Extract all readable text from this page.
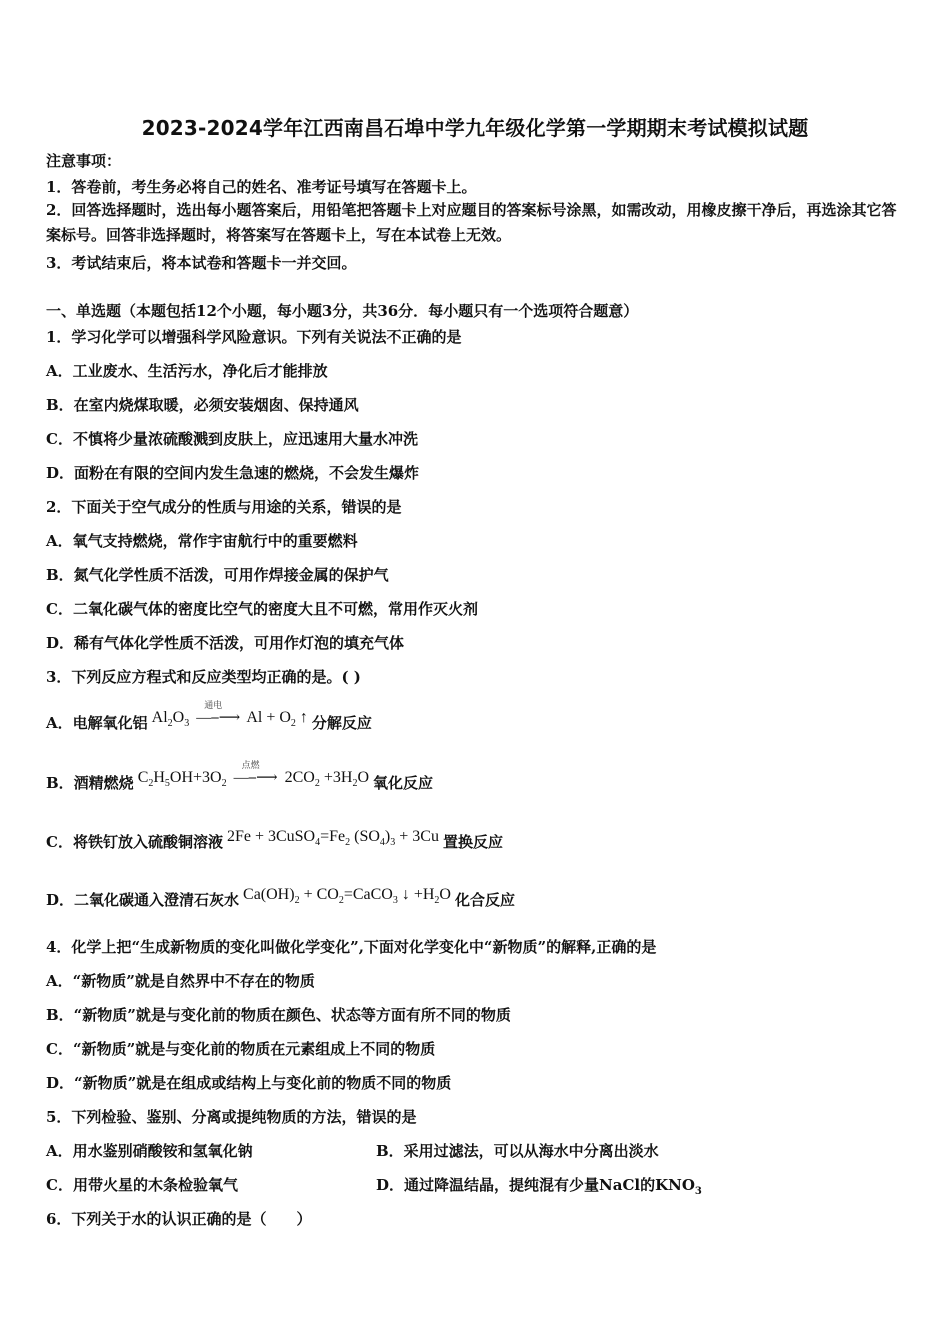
2023-2024学年江西南昌石埠中学九年级化学第一学期期末考试模拟试题
注意事项：
1．答卷前，考生务必将自己的姓名、准考证号填写在答题卡上。
2．回答选择题时，选出每小题答案后，用铅笔把答题卡上对应题目的答案标号涂黑，如需改动，用橡皮擦干净后，再选涂其它答案标号。回答非选择题时，将答案写在答题卡上，写在本试卷上无效。
3．考试结束后，将本试卷和答题卡一并交回。
一、单选题（本题包括12个小题，每小题3分，共36分．每小题只有一个选项符合题意）
1．学习化学可以增强科学风险意识。下列有关说法不正确的是
A．工业废水、生活污水，净化后才能排放
B．在室内烧煤取暖，必须安装烟囱、保持通风
C．不慎将少量浓硫酸溅到皮肤上，应迅速用大量水冲洗
D．面粉在有限的空间内发生急速的燃烧，不会发生爆炸
2．下面关于空气成分的性质与用途的关系，错误的是
A．氧气支持燃烧，常作宇宙航行中的重要燃料
B．氮气化学性质不活泼，可用作焊接金属的保护气
C．二氧化碳气体的密度比空气的密度大且不可燃，常用作灭火剂
D．稀有气体化学性质不活泼，可用作灯泡的填充气体
3．下列反应方程式和反应类型均正确的是。( )
A．电解氧化铝 $Al_2O_3$
通电
—⎯⟶ $Al + O_2$ ↑ 分解反应
B．酒精燃烧 $C_2H_5OH+3O_2$
点燃
—⎯⟶ $2CO_2 +3H_2O$ 氧化反应
C．将铁钉放入硫酸铜溶液 $2Fe + 3CuSO_4=Fe_2$ $(SO_4)_3 + 3Cu$ 置换反应
D．二氧化碳通入澄清石灰水 $Ca(OH)_2$ + $CO_2=CaCO_3$ ↓ $+H_2O$ 化合反应
4．化学上把“生成新物质的变化叫做化学变化”,下面对化学变化中“新物质”的解释,正确的是
A．“新物质”就是自然界中不存在的物质
B．“新物质”就是与变化前的物质在颜色、状态等方面有所不同的物质
C．“新物质”就是与变化前的物质在元素组成上不同的物质
D．“新物质”就是在组成或结构上与变化前的物质不同的物质
5．下列检验、鉴别、分离或提纯物质的方法，错误的是
A．用水鉴别硝酸铵和氢氧化钠	B．采用过滤法，可以从海水中分离出淡水
C．用带火星的木条检验氧气	D．通过降温结晶，提纯混有少量NaCl的$KNO_3$
6．下列关于水的认识正确的是（　　）
